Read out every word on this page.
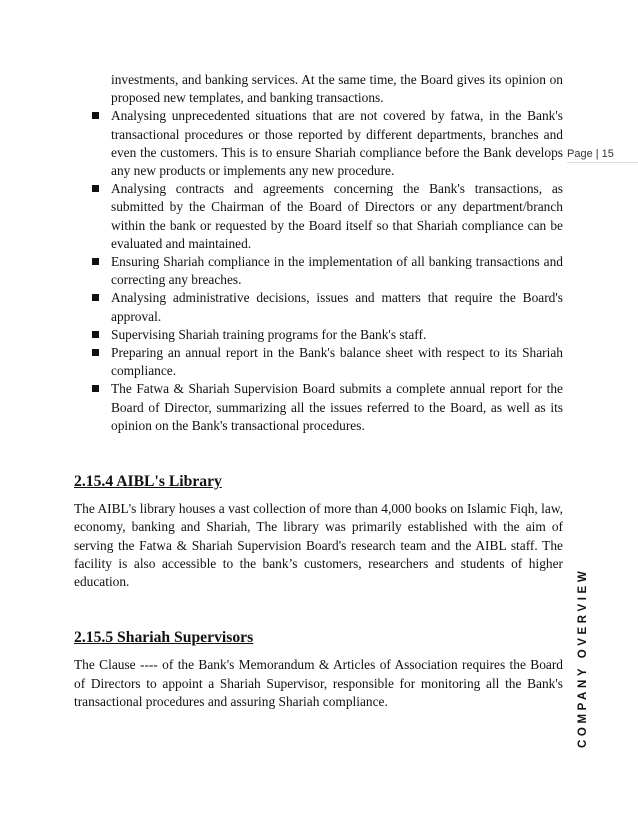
Page | 15
COMPANY OVERVIEW

investments, and banking services. At the same time, the Board gives its opinion on proposed new templates, and banking transactions.

Analysing unprecedented situations that are not covered by fatwa, in the Bank's transactional procedures or those reported by different departments, branches and even the customers. This is to ensure Shariah compliance before the Bank develops any new products or implements any new procedure.
Analysing contracts and agreements concerning the Bank's transactions, as submitted by the Chairman of the Board of Directors or any department/branch within the bank or requested by the Board itself so that Shariah compliance can be evaluated and maintained.
Ensuring Shariah compliance in the implementation of all banking transactions and correcting any breaches.
Analysing administrative decisions, issues and matters that require the Board's approval.
Supervising Shariah training programs for the Bank's staff.
Preparing an annual report in the Bank's balance sheet with respect to its Shariah compliance.
The Fatwa & Shariah Supervision Board submits a complete annual report for the Board of Director, summarizing all the issues referred to the Board, as well as its opinion on the Bank's transactional procedures.
2.15.4 AIBL's Library

The AIBL's library houses a vast collection of more than 4,000 books on Islamic Fiqh, law, economy, banking and Shariah, The library was primarily established with the aim of serving the Fatwa & Shariah Supervision Board's research team and the AIBL staff. The facility is also accessible to the bank’s customers, researchers and students of higher education.

2.15.5 Shariah Supervisors

The Clause ---- of the Bank's Memorandum & Articles of Association requires the Board of Directors to appoint a Shariah Supervisor, responsible for monitoring all the Bank's transactional procedures and assuring Shariah compliance.
